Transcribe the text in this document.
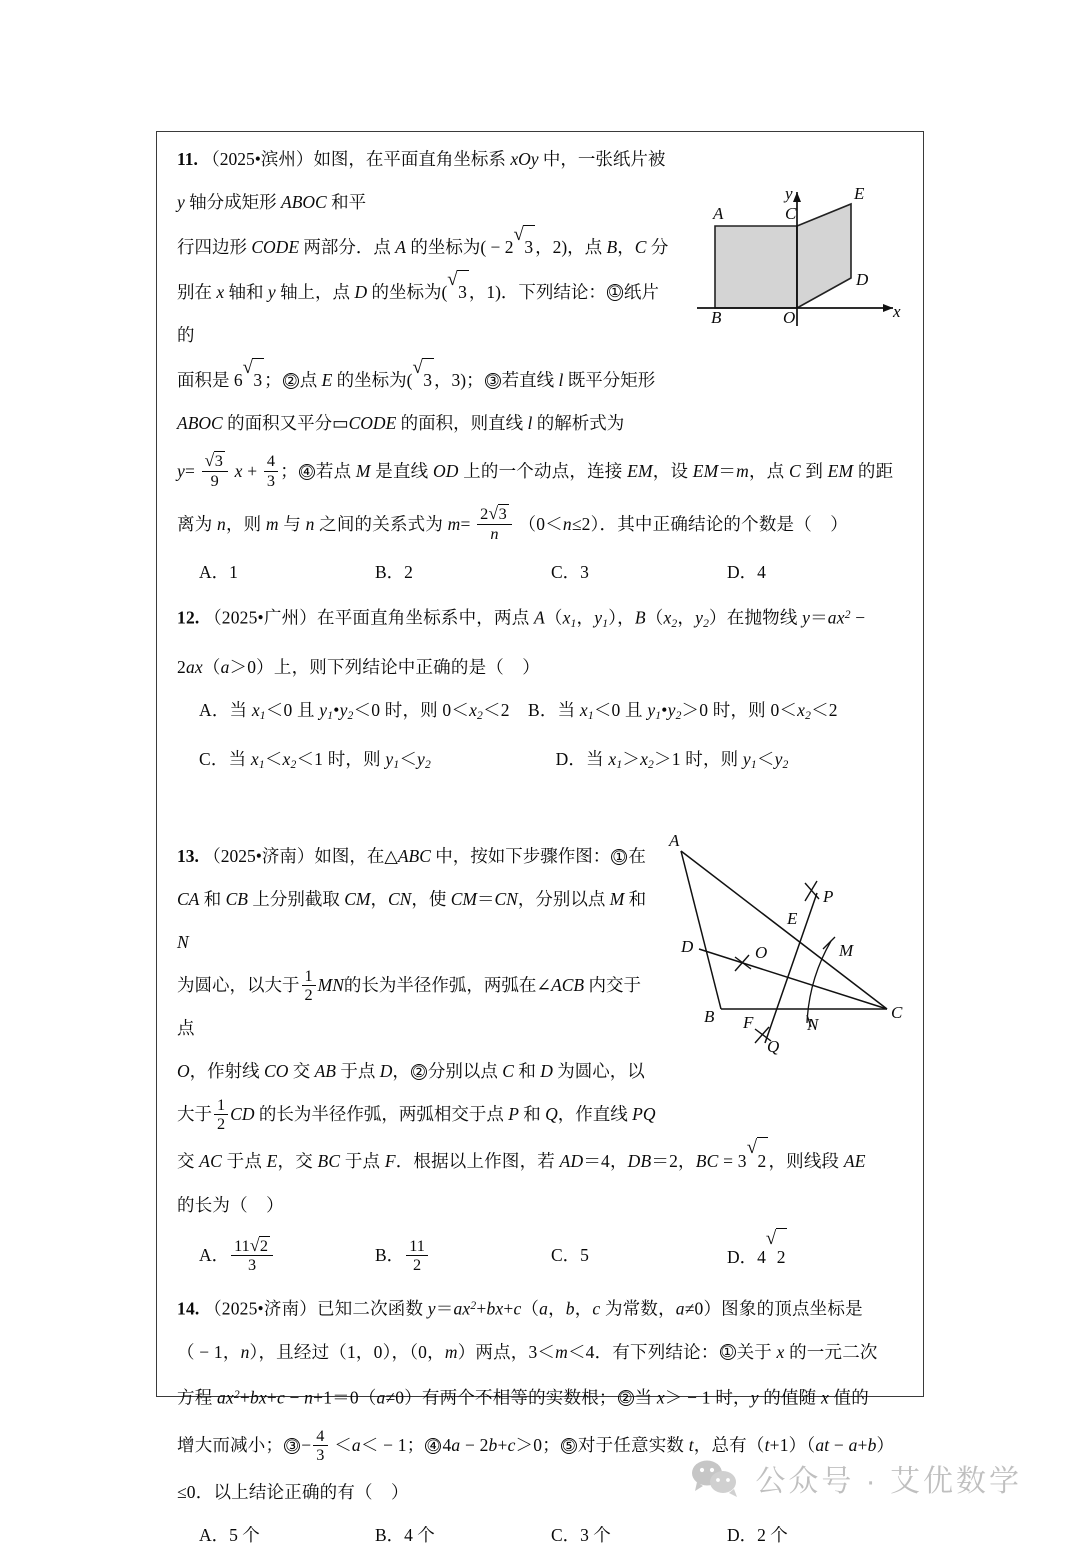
y
x
A	C
E
D
B	O
11. （2025•滨州）如图，在平面直角坐标系 xOy 中，一张纸片被 y 轴分成矩形 ABOC 和平
行四边形 CODE 两部分．点 A 的坐标为( − 2
√
3 ，2)，点 B，C 分
别在 x 轴和 y 轴上，点 D 的坐标为(
√
3 ，1)．下列结论： ① 纸片的
面积是 6
√
3 ； ② 点 E 的坐标为(
√
3 ，3)； ③ 若直线 l 既平分矩形
ABOC 的面积又平分▭CODE 的面积，则直线 l 的解析式为
$y= \frac{√ 3}{9}$ $x + \frac{4}{3}$ ； ④ 若点 M 是直线 OD 上的一个动点，连接 EM，设 EM＝m，点 C 到 EM 的距
离为 n，则 m 与 n 之间的关系式为 $m= \frac{2 √ 3}{n} (0<n\le 2)$．其中正确结论的个数是（    ）
A．1	B．2	C．3	D．4
12. （2025•广州）在平面直角坐标系中，两点 $A(x_1$，$y_1$），$B(x_2$，$y_2$）在抛物线 $y=ax^2$ −
2ax（a＞0）上，则下列结论中正确的是（    ）
A．当 $x_1<0$ 且 $y_1•y_2<0$ 时，则 $0<x_2<2$ B．当 $x_1<0$ 且 $y_1•y_2>0$ 时，则 $0<x_2<2$
C．当 $x_1<x_2<1$ 时，则 $y_1<y_2$	D．当 $x_1>x_2>1$ 时，则 $y_1<y_2$
A
D
B F
Q
N
C
M
O
E
P
13. （2025•济南）如图，在△ABC 中，按如下步骤作图： ① 在
CA 和 CB 上分别截取 CM，CN，使 CM＝CN，分别以点 M 和 N
为圆心，以大于 $\frac{1}{2}$ MN的长为半径作弧，两弧在∠ACB 内交于点
O，作射线 CO 交 AB 于点 D， ② 分别以点 C 和 D 为圆心，以
大于 $\frac{1}{2}$ CD 的长为半径作弧，两弧相交于点 P 和 Q，作直线 PQ
交 AC 于点 E，交 BC 于点 F．根据以上作图，若 AD＝4，DB＝2，BC = 3
√
2 ，则线段 AE
的长为（    ）
A． $\frac{11 √ 2}{3}$	B． $\frac{11}{2}$	C．5	D．4
√
2
14. （2025•济南）已知二次函数 $y=ax^2+bx+c(a$，b，c 为常数，a≠0）图象的顶点坐标是
（ − 1，n），且经过（1，0），（0，m）两点，3＜m＜4．有下列结论： ① 关于 x 的一元二次
方程 $ax^2+bx+c - n+1=0(a\ne 0)$有两个不相等的实数根； ② 当 x＞ − 1 时，y 的值随 x 值的
增大而减小； ③ − $\frac{4}{3} <a< - 1$； ④ 4a − 2b+c＞0； ⑤ 对于任意实数 t，总有（t+1）（at − a+b）
≤0．以上结论正确的有（    ）
A．5 个	B．4 个	C．3 个	D．2 个
公众号 · 艾优数学
